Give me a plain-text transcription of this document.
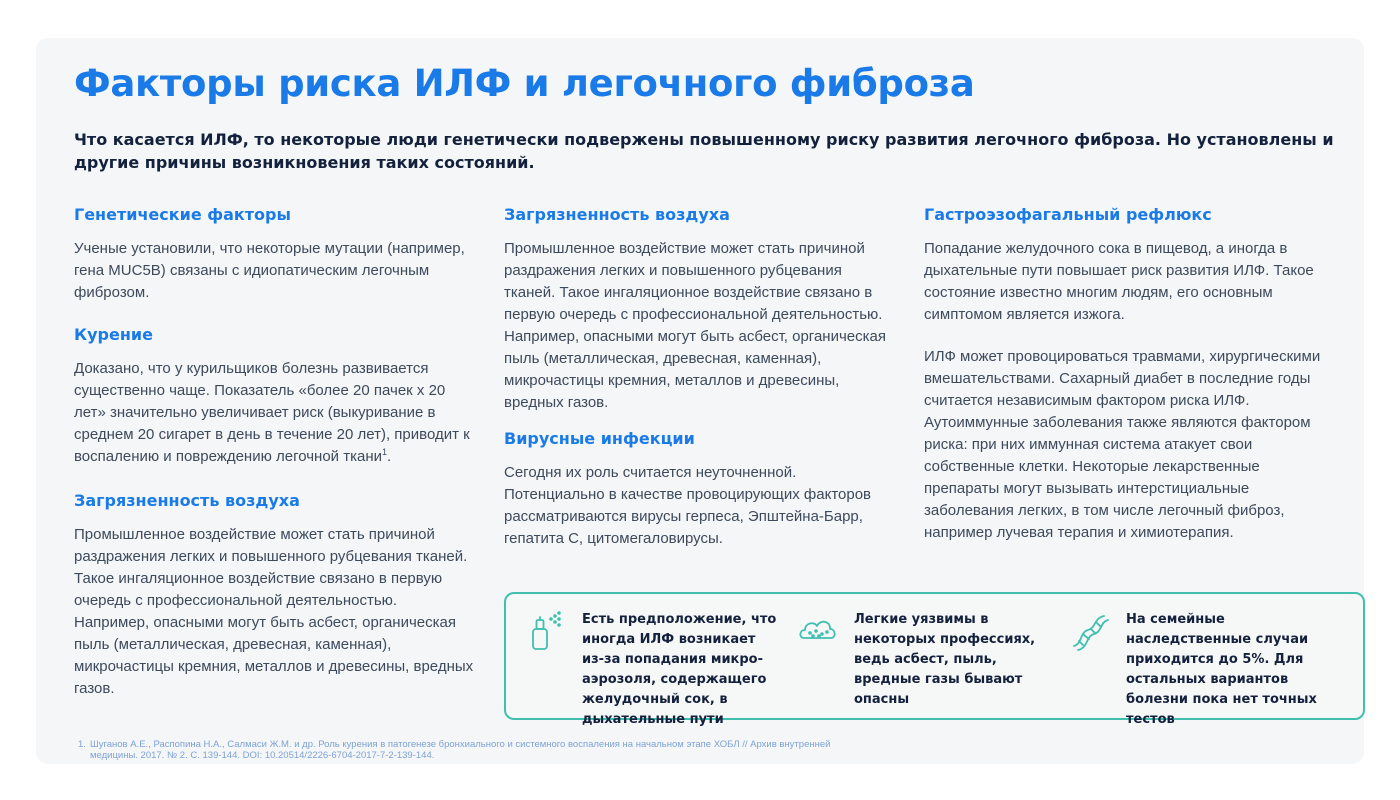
Факторы риска ИЛФ и легочного фиброза

Что касается ИЛФ, то некоторые люди генетически подвержены повышенному риску развития легочного фиброза. Но установлены и другие причины возникновения таких состояний.

Генетические факторы

Ученые установили, что некоторые мутации (например, гена MUC5B) связаны с идиопатическим легочным фиброзом.

Курение

Доказано, что у курильщиков болезнь развивается существенно чаще. Показатель «более 20 пачек х 20 лет» значительно увеличивает риск (выкуривание в среднем 20 сигарет в день в течение 20 лет), приводит к воспалению и повреждению легочной ткани$^1$.

Загрязненность воздуха

Промышленное воздействие может стать причиной раздражения легких и повышенного рубцевания тканей. Такое ингаляционное воздействие связано в первую очередь с профессиональной деятельностью. Например, опасными могут быть асбест, органическая пыль (металлическая, древесная, каменная), микрочастицы кремния, металлов и древесины, вредных газов.

Загрязненность воздуха

Промышленное воздействие может стать причиной раздражения легких и повышенного рубцевания тканей. Такое ингаляционное воздействие связано в первую очередь с профессиональной деятельностью. Например, опасными могут быть асбест, органическая пыль (металлическая, древесная, каменная), микрочастицы кремния, металлов и древесины, вредных газов.

Вирусные инфекции

Сегодня их роль считается неуточненной. Потенциально в качестве провоцирующих факторов рассматриваются вирусы герпеса, Эпштейна-Барр, гепатита С, цитомегаловирусы.

Гастроэзофагальный рефлюкс

Попадание желудочного сока в пищевод, а иногда в дыхательные пути повышает риск развития ИЛФ. Такое состояние известно многим людям, его основным симптомом является изжога.

ИЛФ может провоцироваться травмами, хирургическими вмешательствами. Сахарный диабет в последние годы считается независимым фактором риска ИЛФ. Аутоиммунные заболевания также являются фактором риска: при них иммунная система атакует свои собственные клетки. Некоторые лекарственные препараты могут вызывать интерстициальные заболевания легких, в том числе легочный фиброз, например лучевая терапия и химиотерапия.

Есть предположение, что иногда ИЛФ возникает из-за попадания микро-аэрозоля, содержащего желудочный сок, в дыхательные пути
Легкие уязвимы в некоторых профессиях, ведь асбест, пыль, вредные газы бывают опасны
На семейные наследственные случаи приходится до 5%. Для остальных вариантов болезни пока нет точных тестов
1. Шуганов А.Е., Распопина Н.А., Салмаси Ж.М. и др. Роль курения в патогенезе бронхиального и системного воспаления на начальном этапе ХОБЛ // Архив внутренней медицины. 2017. № 2. С. 139-144. DOI: 10.20514/2226-6704-2017-7-2-139-144.
